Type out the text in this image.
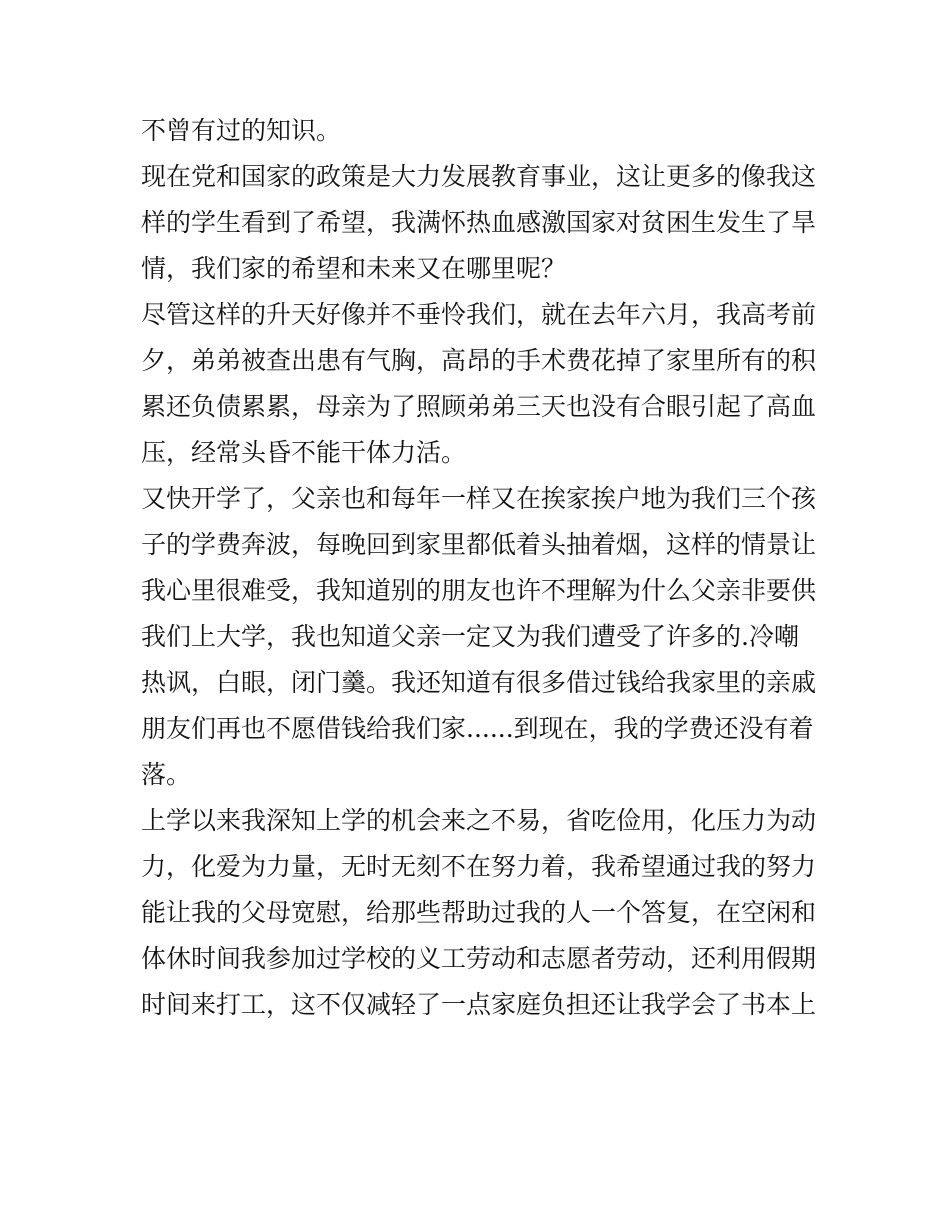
不曾有过的知识。
现在党和国家的政策是大力发展教育事业，这让更多的像我这
样的学生看到了希望，我满怀热血感激国家对贫困生发生了旱
情，我们家的希望和未来又在哪里呢？
尽管这样的升天好像并不垂怜我们，就在去年六月，我高考前
夕，弟弟被查出患有气胸，高昂的手术费花掉了家里所有的积
累还负债累累，母亲为了照顾弟弟三天也没有合眼引起了高血
压，经常头昏不能干体力活。
又快开学了，父亲也和每年一样又在挨家挨户地为我们三个孩
子的学费奔波，每晚回到家里都低着头抽着烟，这样的情景让
我心里很难受，我知道别的朋友也许不理解为什么父亲非要供
我们上大学，我也知道父亲一定又为我们遭受了许多的.冷嘲
热讽，白眼，闭门羹。我还知道有很多借过钱给我家里的亲戚
朋友们再也不愿借钱给我们家......到现在，我的学费还没有着
落。
上学以来我深知上学的机会来之不易，省吃俭用，化压力为动
力，化爱为力量，无时无刻不在努力着，我希望通过我的努力
能让我的父母宽慰，给那些帮助过我的人一个答复，在空闲和
体休时间我参加过学校的义工劳动和志愿者劳动，还利用假期
时间来打工，这不仅减轻了一点家庭负担还让我学会了书本上
